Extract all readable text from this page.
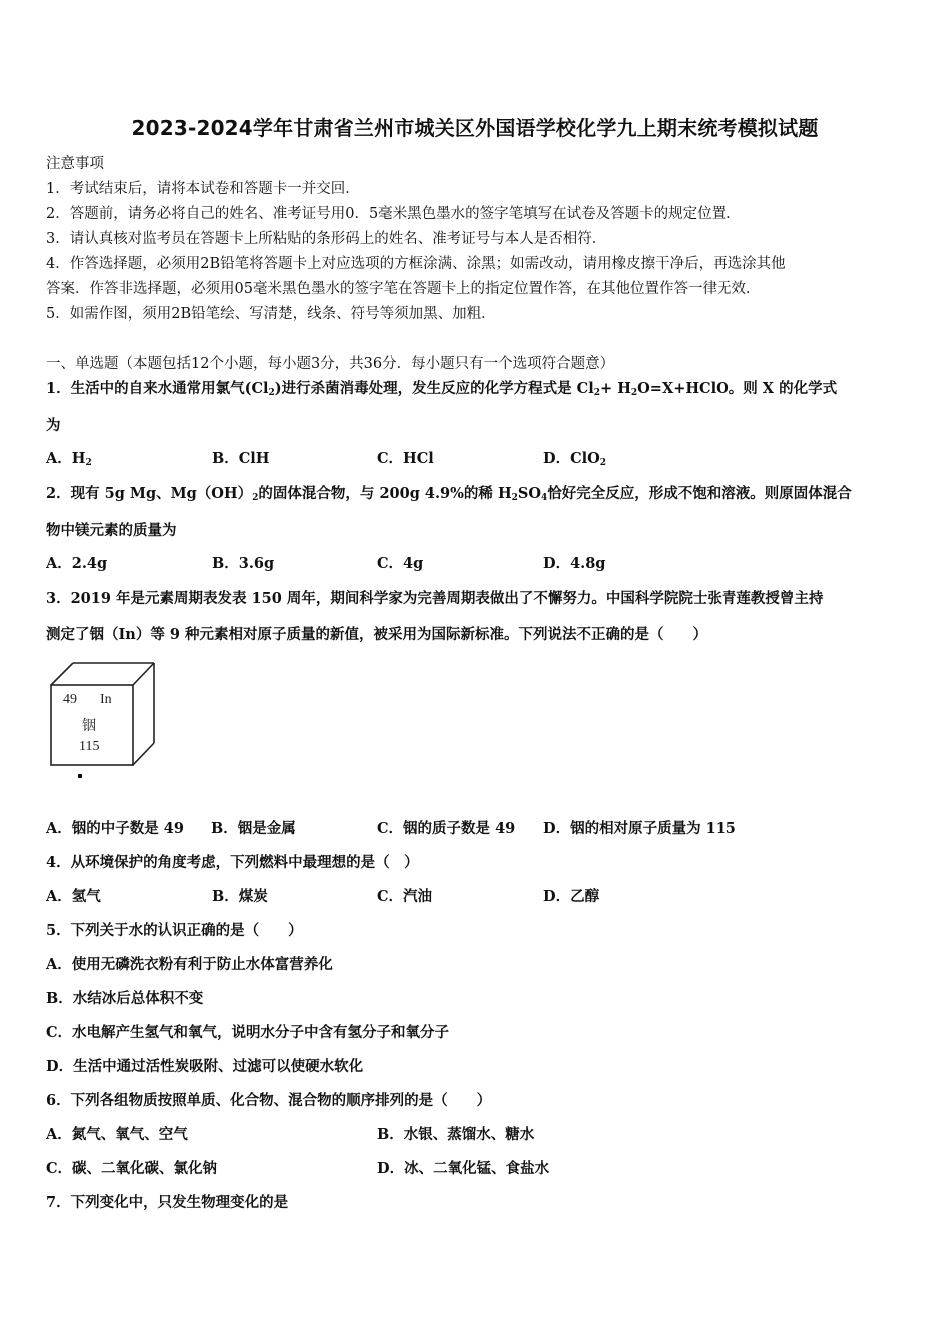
2023-2024学年甘肃省兰州市城关区外国语学校化学九上期末统考模拟试题
注意事项
1．考试结束后，请将本试卷和答题卡一并交回．
2．答题前，请务必将自己的姓名、准考证号用0．5毫米黑色墨水的签字笔填写在试卷及答题卡的规定位置．
3．请认真核对监考员在答题卡上所粘贴的条形码上的姓名、准考证号与本人是否相符．
4．作答选择题，必须用2B铅笔将答题卡上对应选项的方框涂满、涂黑；如需改动，请用橡皮擦干净后，再选涂其他
答案．作答非选择题，必须用05毫米黑色墨水的签字笔在答题卡上的指定位置作答，在其他位置作答一律无效．
5．如需作图，须用2B铅笔绘、写清楚，线条、符号等须加黑、加粗．
一、单选题（本题包括12个小题，每小题3分，共36分．每小题只有一个选项符合题意）
1．生活中的自来水通常用氯气$(Cl_2)$进行杀菌消毒处理，发生反应的化学方程式是 $Cl_2+$ $H_2O=X+HClO$。则 X 的化学式
为
A．$H_2$	B．ClH	C．HCl	D．ClO$_2$
2．现有 5g Mg、$Mg(OH)_2$的固体混合物，与 200g 4.9%的稀 $H_2SO_4$恰好完全反应，形成不饱和溶液。则原固体混合
物中镁元素的质量为
A．2.4g	B．3.6g	C．4g	D．4.8g
3．2019 年是元素周期表发表 150 周年，期间科学家为完善周期表做出了不懈努力。中国科学院院士张青莲教授曾主持
测定了铟（In）等 9 种元素相对原子质量的新值，被采用为国际新标准。下列说法不正确的是（　　）
49 In
铟
115
A．铟的中子数是 49 B．铟是金属	C．铟的质子数是 49 D．铟的相对原子质量为 115
4．从环境保护的角度考虑，下列燃料中最理想的是（　）
A．氢气	B．煤炭	C．汽油	D．乙醇
5．下列关于水的认识正确的是（　　）
A．使用无磷洗衣粉有利于防止水体富营养化
B．水结冰后总体积不变
C．水电解产生氢气和氧气，说明水分子中含有氢分子和氧分子
D．生活中通过活性炭吸附、过滤可以使硬水软化
6．下列各组物质按照单质、化合物、混合物的顺序排列的是（　　）
A．氮气、氧气、空气	B．水银、蒸馏水、糖水
C．碳、二氧化碳、氯化钠	D．冰、二氧化锰、食盐水
7．下列变化中，只发生物理变化的是
